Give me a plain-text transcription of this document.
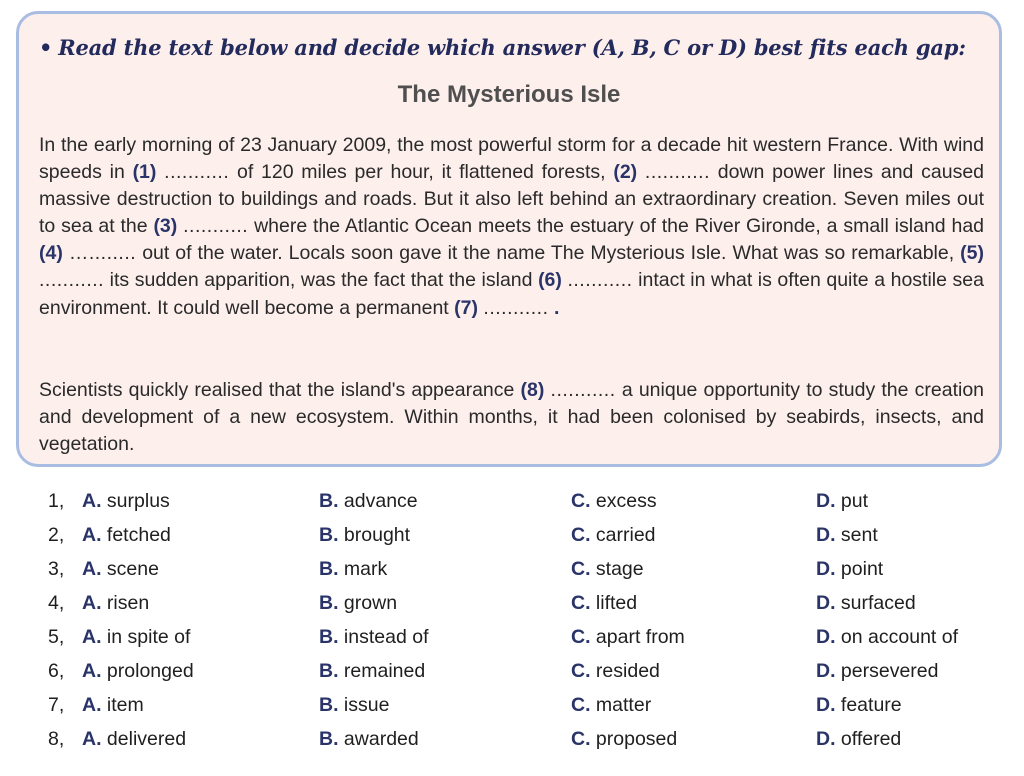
• Read the text below and decide which answer (A, B, C or D) best fits each gap:
The Mysterious Isle

In the early morning of 23 January 2009, the most powerful storm for a decade hit western France. With wind speeds in (1) ........... of 120 miles per hour, it flattened forests, (2) ........... down power lines and caused massive destruction to buildings and roads. But it also left behind an extraordinary creation. Seven miles out to sea at the (3) ........... where the Atlantic Ocean meets the estuary of the River Gironde, a small island had (4) …........ out of the water. Locals soon gave it the name The Mysterious Isle. What was so remarkable, (5) ........... its sudden apparition, was the fact that the island (6) ........... intact in what is often quite a hostile sea environment. It could well become a permanent (7) ........... .

Scientists quickly realised that the island's appearance (8) ........... a unique opportunity to study the creation and development of a new ecosystem. Within months, it had been colonised by seabirds, insects, and vegetation.

1, A. surplus	B. advance	C. excess	D. put
2, A. fetched	B. brought	C. carried	D. sent
3, A. scene	B. mark	C. stage	D. point
4, A. risen	B. grown	C. lifted	D. surfaced
5, A. in spite of	B. instead of	C. apart from	D. on account of
6, A. prolonged	B. remained	C. resided	D. persevered
7, A. item	B. issue	C. matter	D. feature
8, A. delivered	B. awarded	C. proposed	D. offered
